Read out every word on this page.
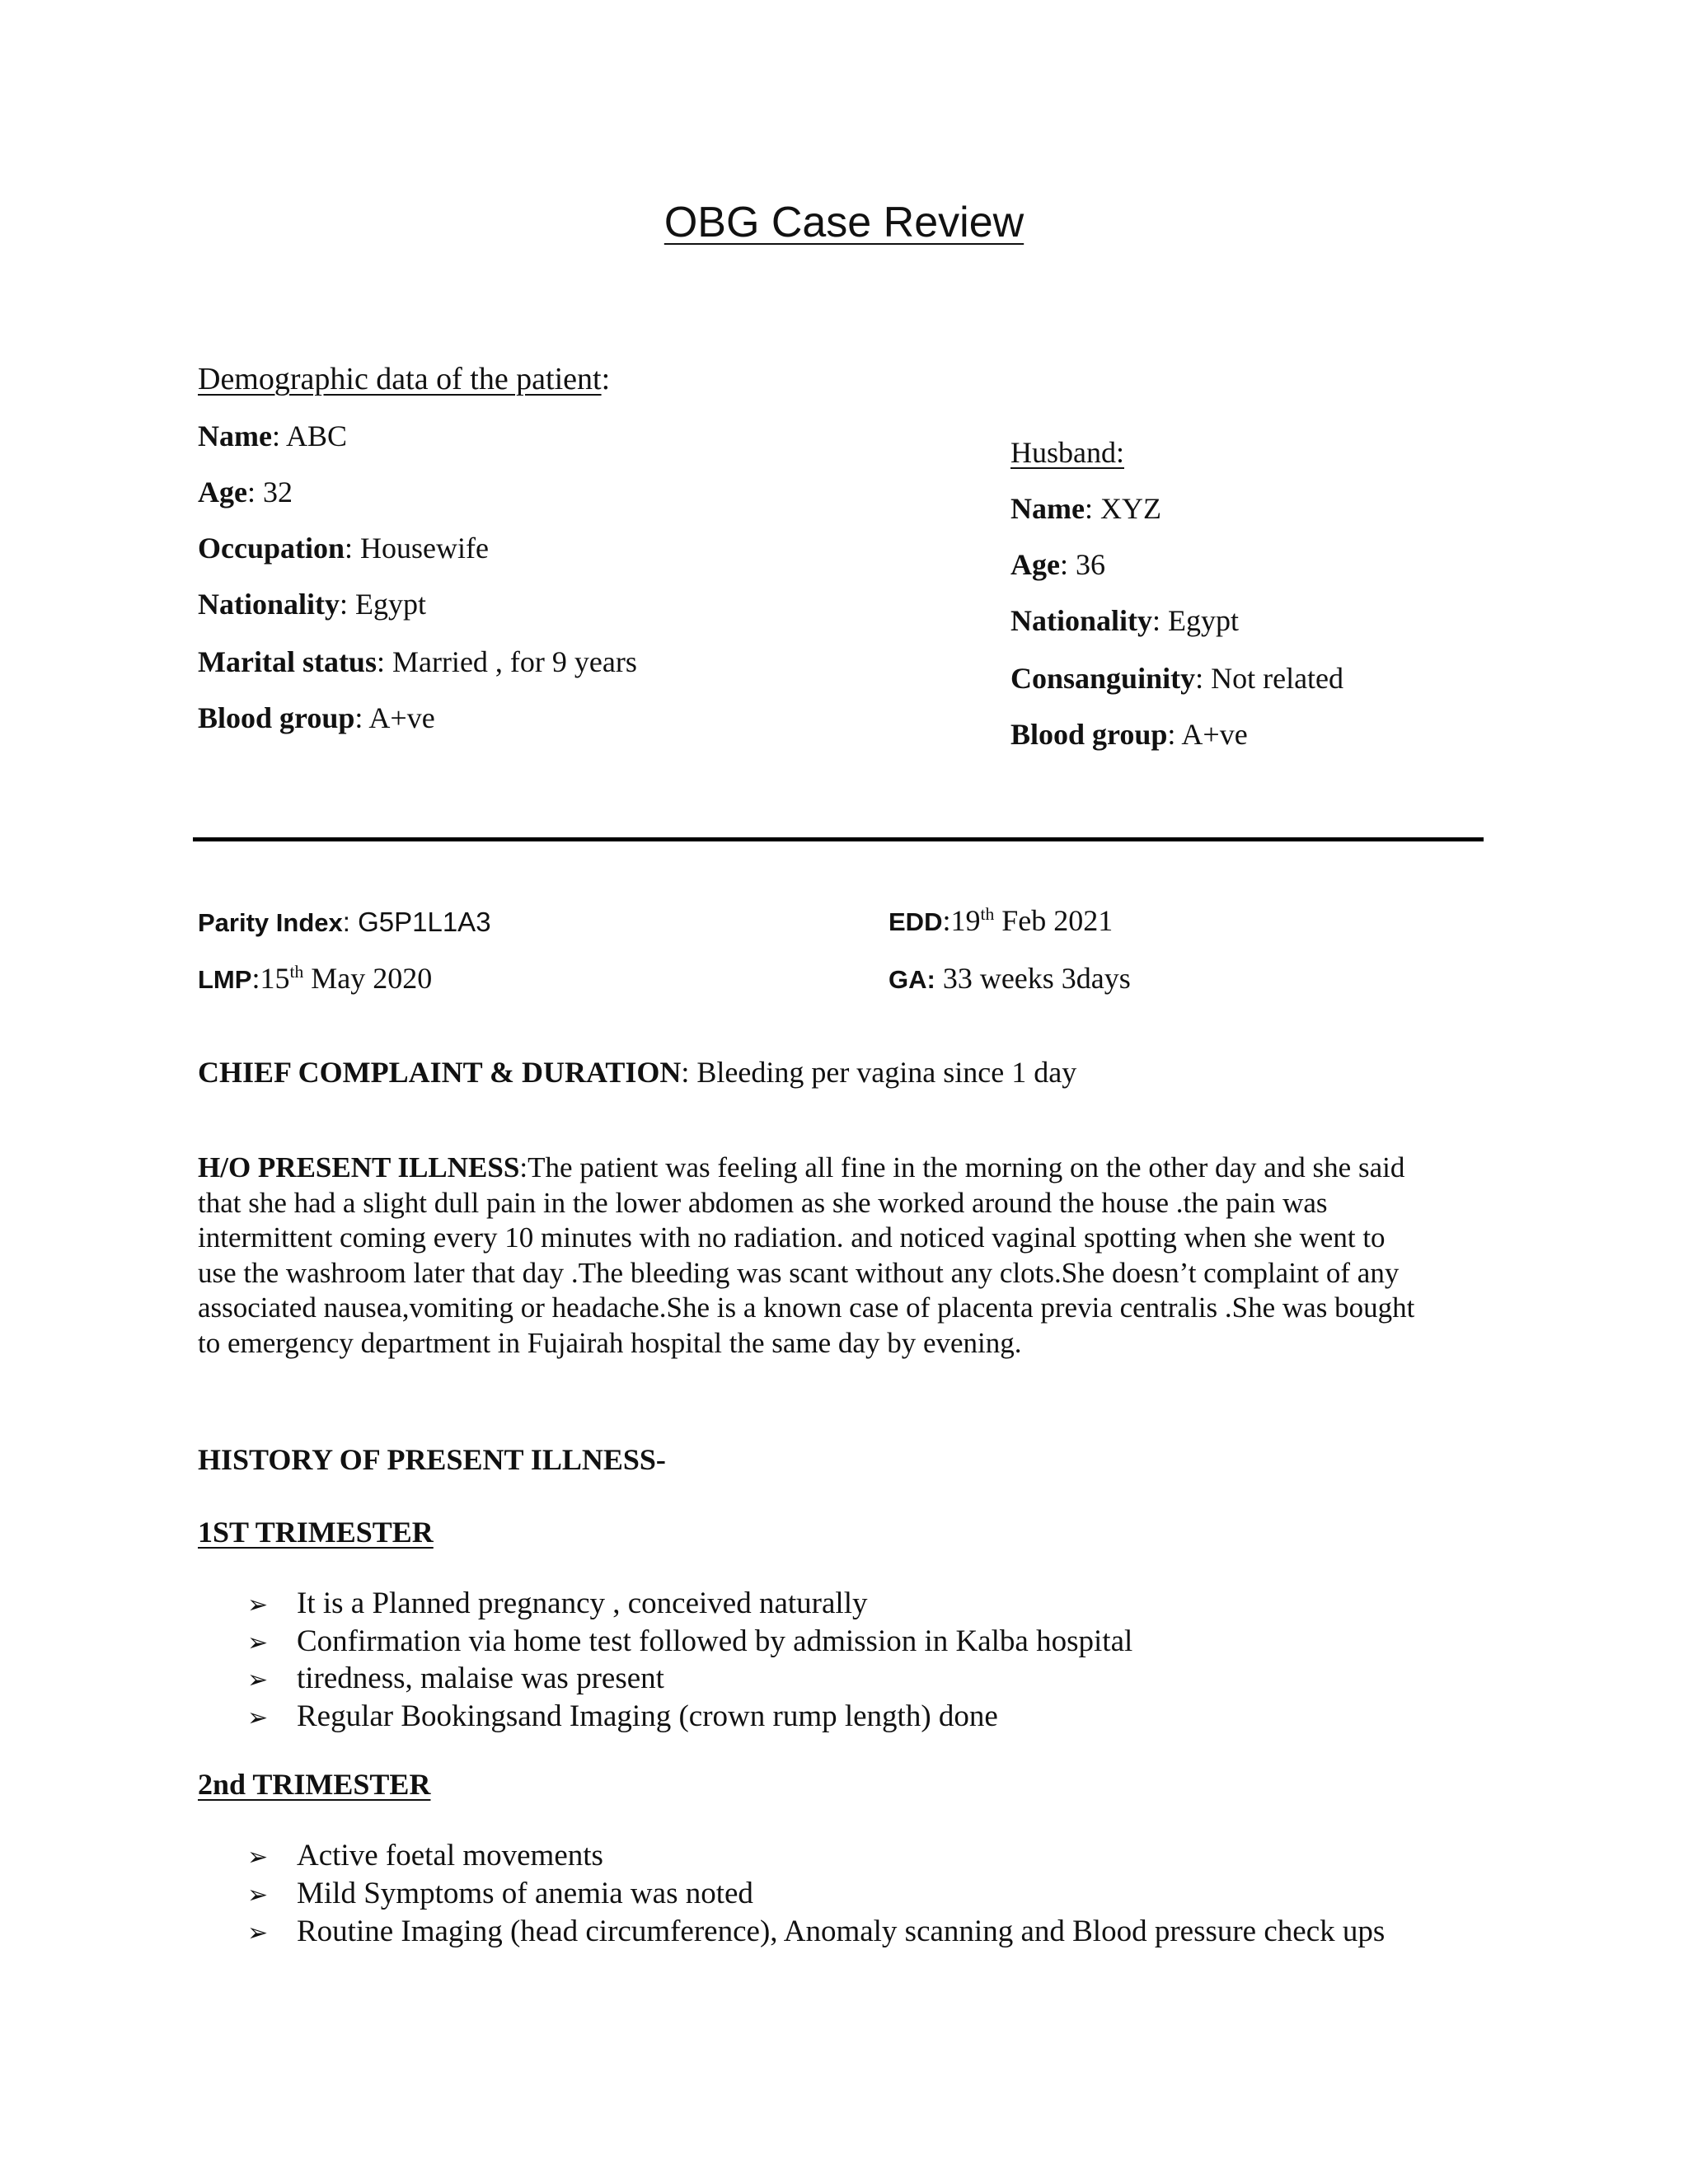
OBG Case Review
Demographic data of the patient:
Name: ABC
Age: 32
Occupation: Housewife
Nationality: Egypt
Marital status: Married , for 9 years
Blood group: A+ve
Husband:
Name: XYZ
Age: 36
Nationality: Egypt
Consanguinity: Not related
Blood group: A+ve
Parity Index: G5P1L1A3
LMP:15th May 2020
EDD:19th Feb 2021
GA: 33 weeks 3days
CHIEF COMPLAINT & DURATION: Bleeding per vagina since 1 day
H/O PRESENT ILLNESS:The patient was feeling all fine in the morning on the other day and she said
that she had a slight dull pain in the lower abdomen as she worked around the house .the pain was
intermittent coming every 10 minutes with no radiation. and noticed vaginal spotting when she went to
use the washroom later that day .The bleeding was scant without any clots.She doesn’t complaint of any
associated nausea,vomiting or headache.She is a known case of placenta previa centralis .She was bought
to emergency department in Fujairah hospital the same day by evening.
HISTORY OF PRESENT ILLNESS-
1ST TRIMESTER
➢ It is a Planned pregnancy , conceived naturally
➢ Confirmation via home test followed by admission in Kalba hospital
➢ tiredness, malaise was present
➢ Regular Bookingsand Imaging (crown rump length) done
2nd TRIMESTER
➢ Active foetal movements
➢ Mild Symptoms of anemia was noted
➢ Routine Imaging (head circumference), Anomaly scanning and Blood pressure check ups
